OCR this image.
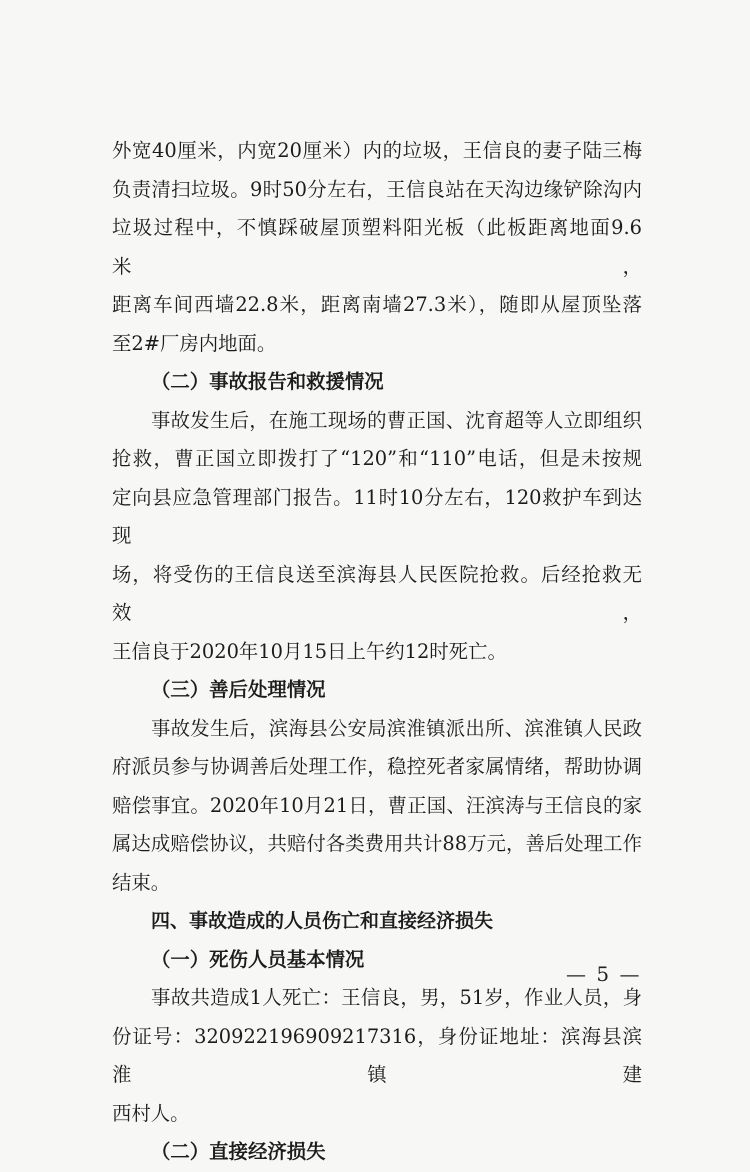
外宽40厘米，内宽20厘米）内的垃圾，王信良的妻子陆三梅
负责清扫垃圾。9时50分左右，王信良站在天沟边缘铲除沟内
垃圾过程中，不慎踩破屋顶塑料阳光板（此板距离地面9.6米，
距离车间西墙22.8米，距离南墙27.3米），随即从屋顶坠落
至2#厂房内地面。
（二）事故报告和救援情况
事故发生后，在施工现场的曹正国、沈育超等人立即组织
抢救，曹正国立即拨打了“120”和“110”电话，但是未按规
定向县应急管理部门报告。11时10分左右，120救护车到达现
场，将受伤的王信良送至滨海县人民医院抢救。后经抢救无效，
王信良于2020年10月15日上午约12时死亡。
（三）善后处理情况
事故发生后，滨海县公安局滨淮镇派出所、滨淮镇人民政
府派员参与协调善后处理工作，稳控死者家属情绪，帮助协调
赔偿事宜。2020年10月21日，曹正国、汪滨涛与王信良的家
属达成赔偿协议，共赔付各类费用共计88万元，善后处理工作
结束。
四、事故造成的人员伤亡和直接经济损失
（一）死伤人员基本情况
事故共造成1人死亡：王信良，男，51岁，作业人员，身
份证号：320922196909217316，身份证地址：滨海县滨淮镇建
西村人。
（二）直接经济损失
— 5 —
